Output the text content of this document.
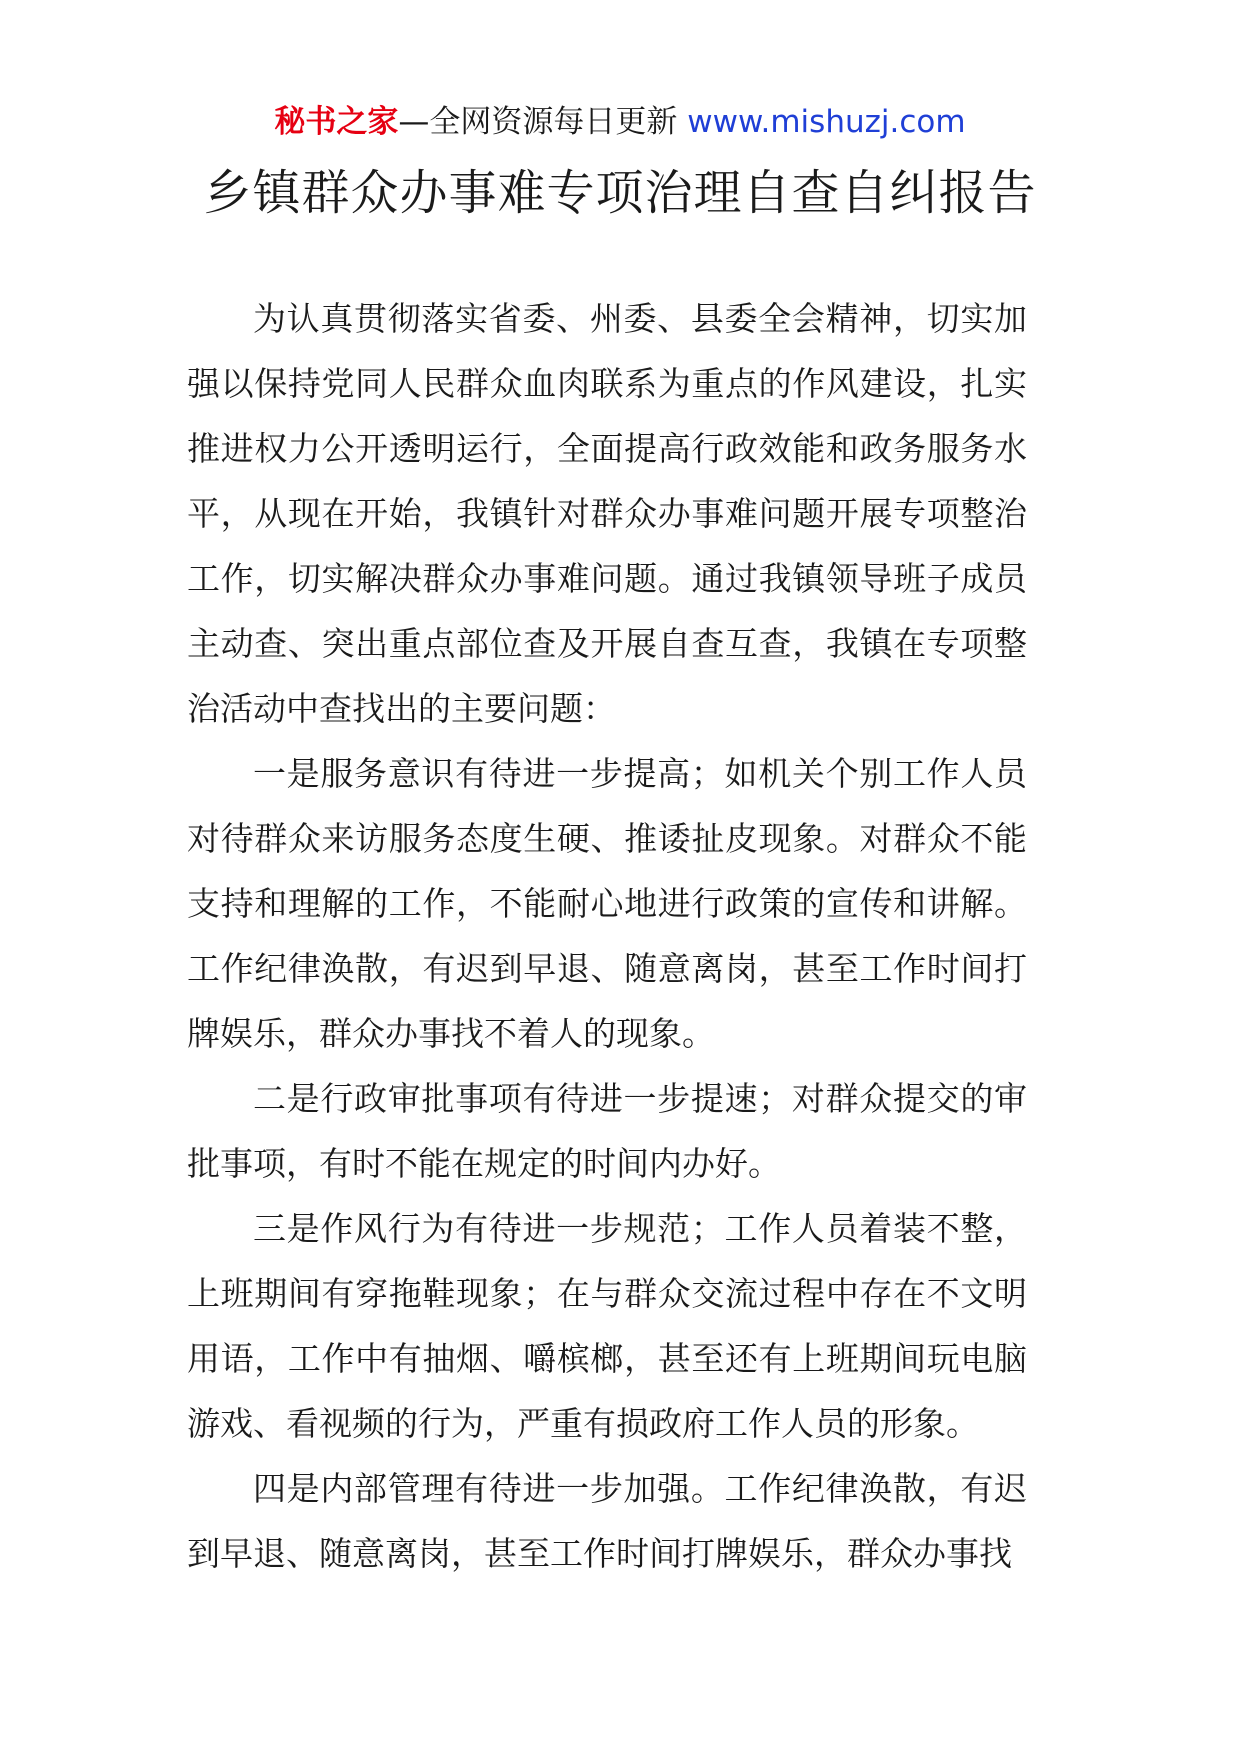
秘书之家—全网资源每日更新 www.mishuzj.com
乡镇群众办事难专项治理自查自纠报告

为认真贯彻落实省委、州委、县委全会精神，切实加强以保持党同人民群众血肉联系为重点的作风建设，扎实推进权力公开透明运行，全面提高行政效能和政务服务水平，从现在开始，我镇针对群众办事难问题开展专项整治工作，切实解决群众办事难问题。通过我镇领导班子成员主动查、突出重点部位查及开展自查互查，我镇在专项整治活动中查找出的主要问题：

一是服务意识有待进一步提高；如机关个别工作人员对待群众来访服务态度生硬、推诿扯皮现象。对群众不能支持和理解的工作，不能耐心地进行政策的宣传和讲解。工作纪律涣散，有迟到早退、随意离岗，甚至工作时间打牌娱乐，群众办事找不着人的现象。

二是行政审批事项有待进一步提速；对群众提交的审批事项，有时不能在规定的时间内办好。

三是作风行为有待进一步规范；工作人员着装不整，上班期间有穿拖鞋现象；在与群众交流过程中存在不文明用语，工作中有抽烟、嚼槟榔，甚至还有上班期间玩电脑游戏、看视频的行为，严重有损政府工作人员的形象。

四是内部管理有待进一步加强。工作纪律涣散，有迟到早退、随意离岗，甚至工作时间打牌娱乐，群众办事找
